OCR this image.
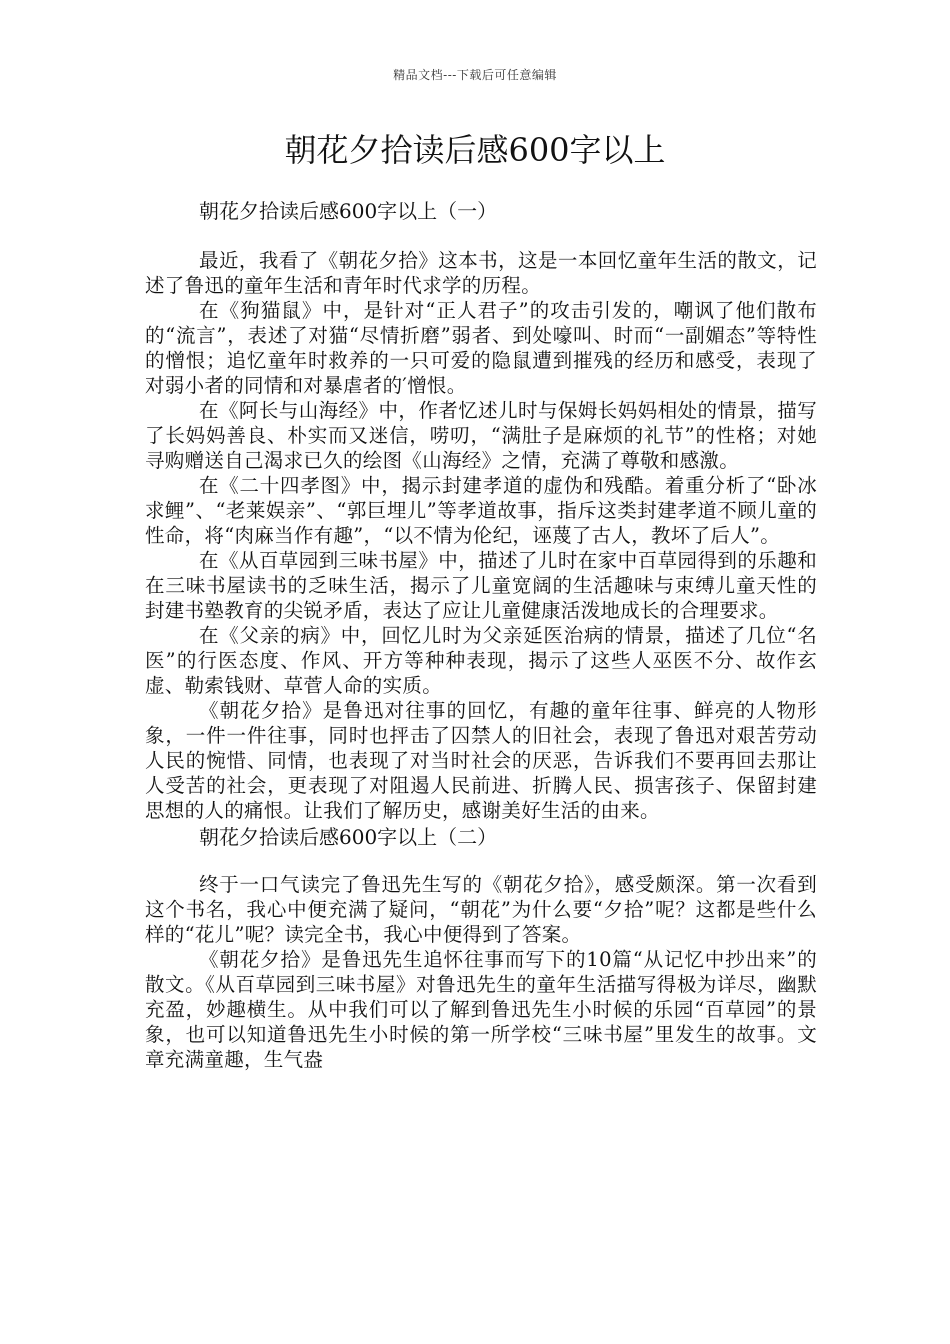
精品文档---下载后可任意编辑
朝花夕拾读后感600字以上

朝花夕拾读后感600字以上（一）

最近，我看了《朝花夕拾》这本书，这是一本回忆童年生活的散文，记述了鲁迅的童年生活和青年时代求学的历程。

在《狗猫鼠》中，是针对“正人君子”的攻击引发的，嘲讽了他们散布的“流言”，表述了对猫“尽情折磨”弱者、到处嚎叫、时而“一副媚态”等特性的憎恨；追忆童年时救养的一只可爱的隐鼠遭到摧残的经历和感受，表现了对弱小者的同情和对暴虐者的′憎恨。

在《阿长与山海经》中，作者忆述儿时与保姆长妈妈相处的情景，描写了长妈妈善良、朴实而又迷信，唠叨，“满肚子是麻烦的礼节”的性格；对她寻购赠送自己渴求已久的绘图《山海经》之情，充满了尊敬和感激。

在《二十四孝图》中，揭示封建孝道的虚伪和残酷。着重分析了“卧冰求鲤”、“老莱娱亲”、“郭巨埋儿”等孝道故事，指斥这类封建孝道不顾儿童的性命，将“肉麻当作有趣”，“以不情为伦纪，诬蔑了古人，教坏了后人”。

在《从百草园到三味书屋》中，描述了儿时在家中百草园得到的乐趣和在三味书屋读书的乏味生活，揭示了儿童宽阔的生活趣味与束缚儿童天性的封建书塾教育的尖锐矛盾，表达了应让儿童健康活泼地成长的合理要求。

在《父亲的病》中，回忆儿时为父亲延医治病的情景，描述了几位“名医”的行医态度、作风、开方等种种表现，揭示了这些人巫医不分、故作玄虚、勒索钱财、草菅人命的实质。

《朝花夕拾》是鲁迅对往事的回忆，有趣的童年往事、鲜亮的人物形象，一件一件往事，同时也抨击了囚禁人的旧社会，表现了鲁迅对艰苦劳动人民的惋惜、同情，也表现了对当时社会的厌恶，告诉我们不要再回去那让人受苦的社会，更表现了对阻遏人民前进、折腾人民、损害孩子、保留封建思想的人的痛恨。让我们了解历史，感谢美好生活的由来。

朝花夕拾读后感600字以上（二）

终于一口气读完了鲁迅先生写的《朝花夕拾》，感受颇深。第一次看到这个书名，我心中便充满了疑问，“朝花”为什么要“夕拾”呢？这都是些什么样的“花儿”呢？读完全书，我心中便得到了答案。

《朝花夕拾》是鲁迅先生追怀往事而写下的10篇“从记忆中抄出来”的散文。《从百草园到三味书屋》对鲁迅先生的童年生活描写得极为详尽，幽默充盈，妙趣横生。从中我们可以了解到鲁迅先生小时候的乐园“百草园”的景象，也可以知道鲁迅先生小时候的第一所学校“三味书屋”里发生的故事。文章充满童趣，生气盎
